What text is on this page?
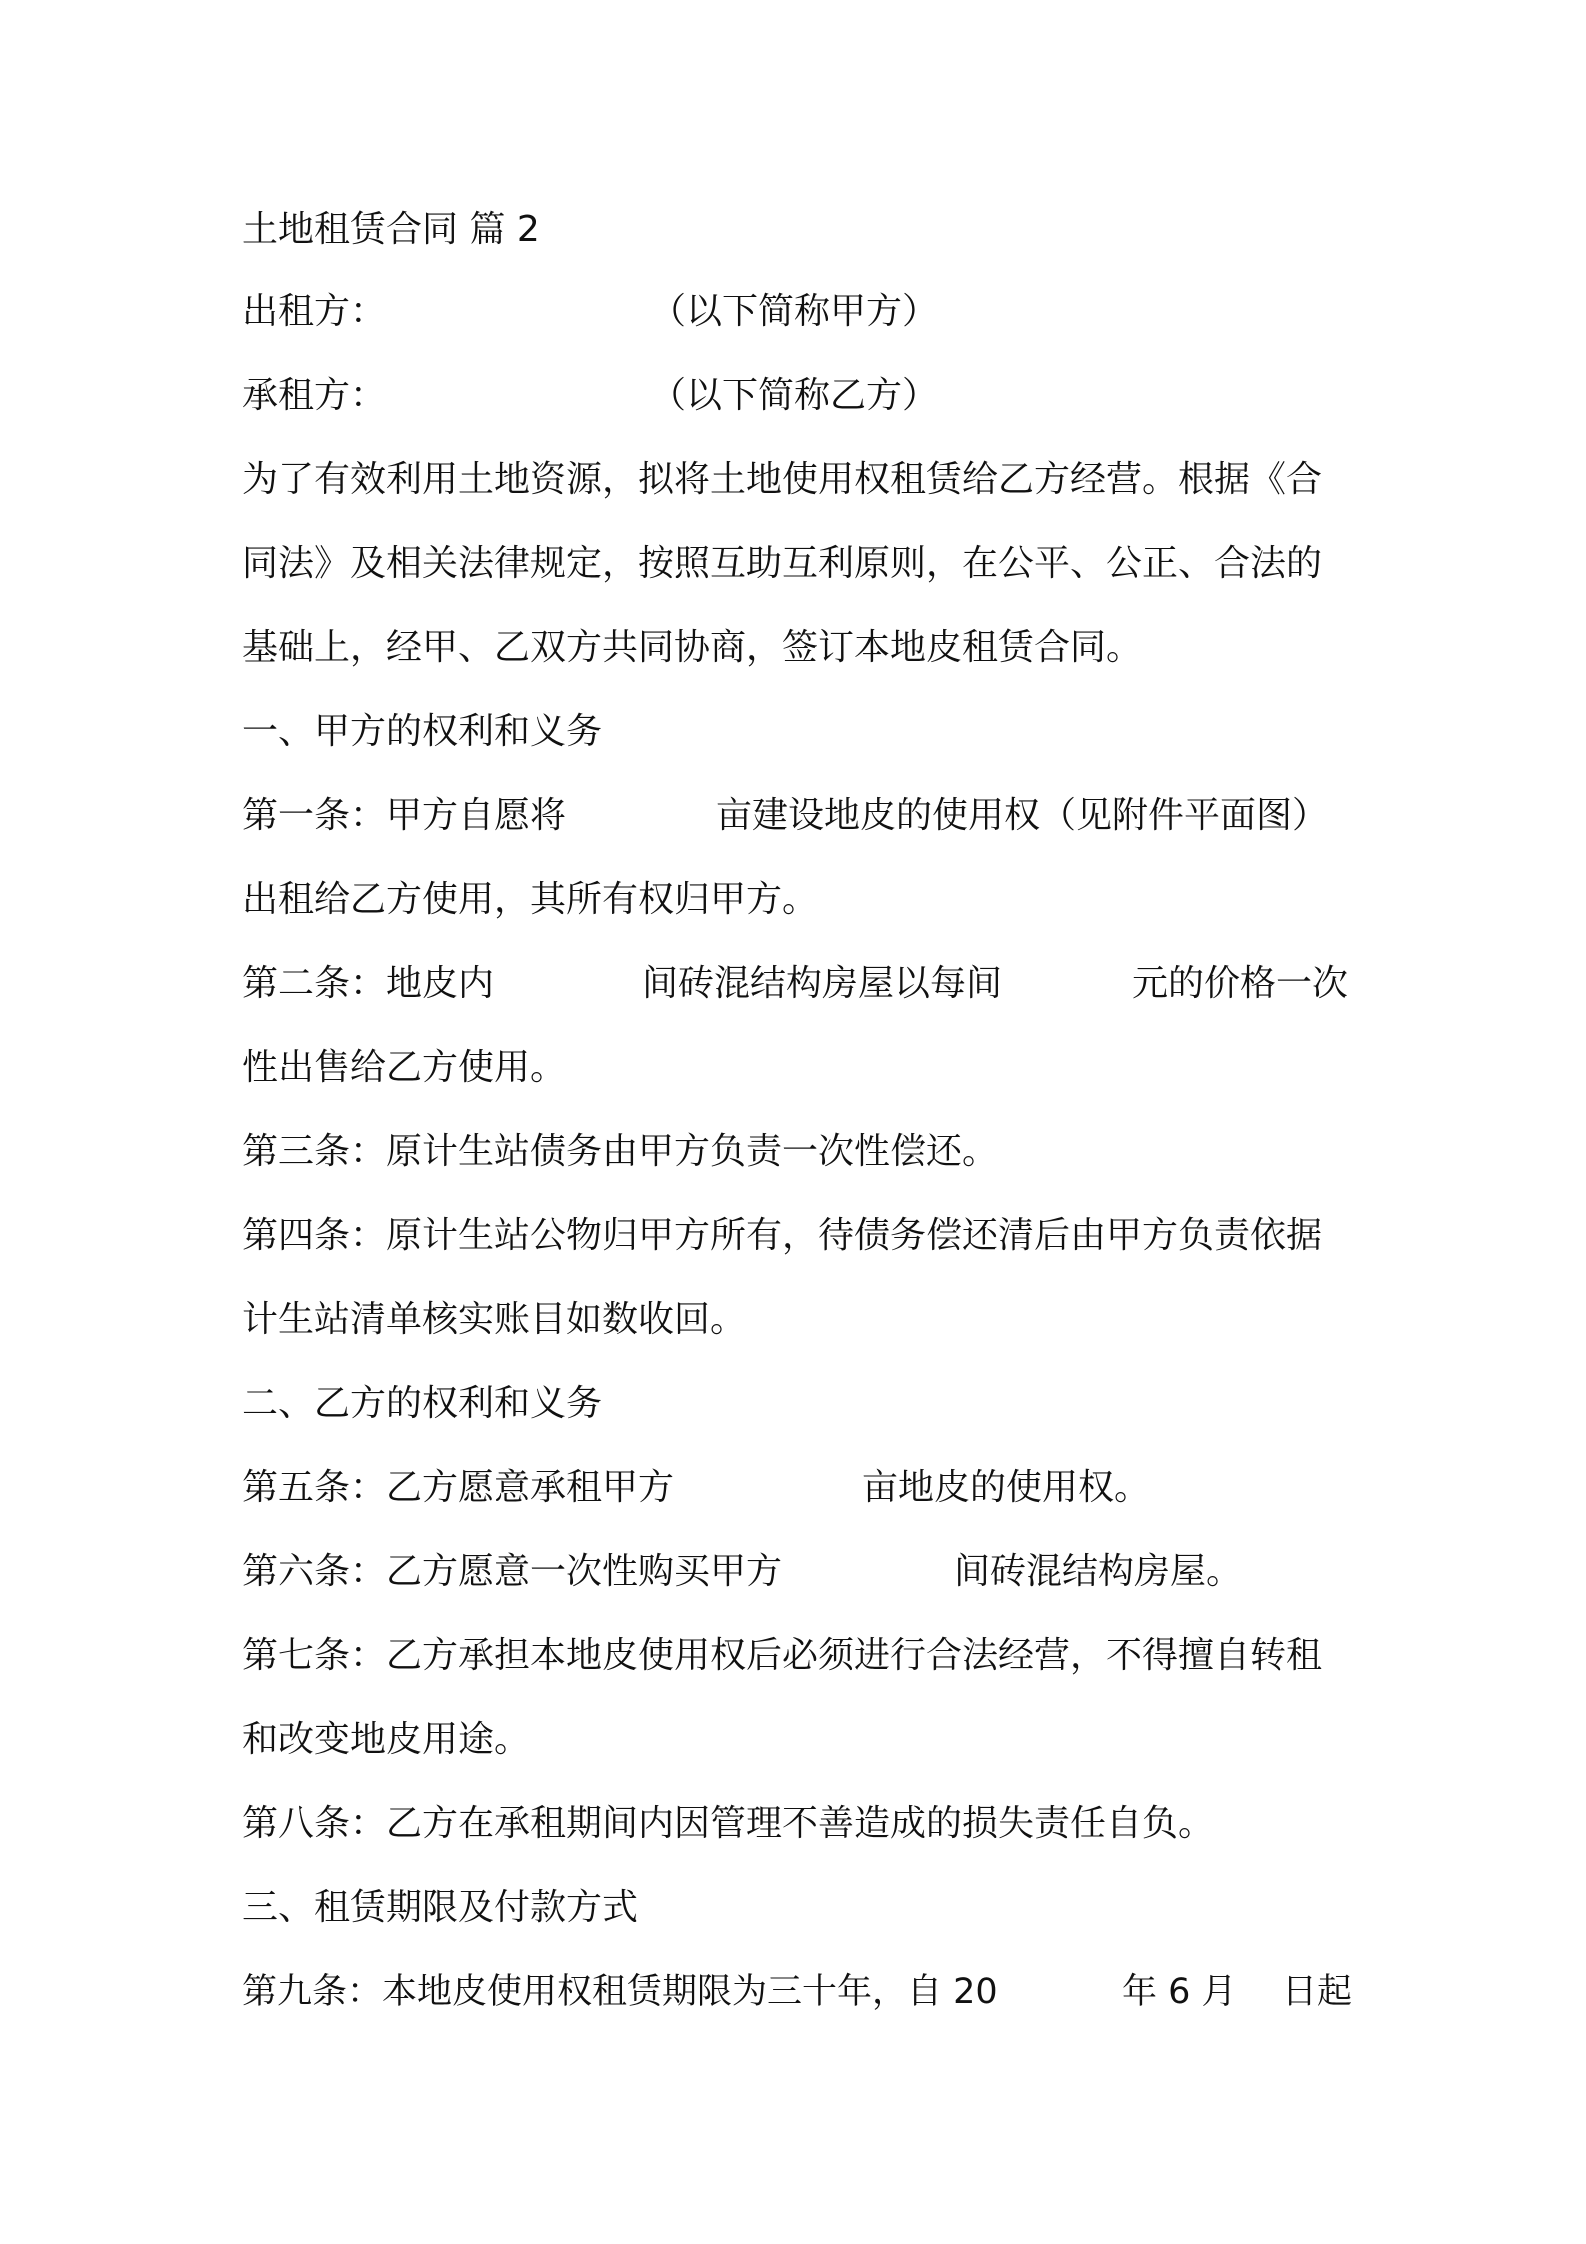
土地租赁合同 篇 2
出租方：	（以下简称甲方）
承租方：	（以下简称乙方）
为了有效利用土地资源，拟将土地使用权租赁给乙方经营。根据《合
同法》及相关法律规定，按照互助互利原则，在公平、公正、合法的
基础上，经甲、乙双方共同协商，签订本地皮租赁合同。
一、甲方的权利和义务
第一条：甲方自愿将	亩建设地皮的使用权（见附件平面图）
出租给乙方使用，其所有权归甲方。
第二条：地皮内	间砖混结构房屋以每间	元的价格一次
性出售给乙方使用。
第三条：原计生站债务由甲方负责一次性偿还。
第四条：原计生站公物归甲方所有，待债务偿还清后由甲方负责依据
计生站清单核实账目如数收回。
二、乙方的权利和义务
第五条：乙方愿意承租甲方	亩地皮的使用权。
第六条：乙方愿意一次性购买甲方	间砖混结构房屋。
第七条：乙方承担本地皮使用权后必须进行合法经营，不得擅自转租
和改变地皮用途。
第八条：乙方在承租期间内因管理不善造成的损失责任自负。
三、租赁期限及付款方式
第九条：本地皮使用权租赁期限为三十年，自 20	年 6 月 日起
